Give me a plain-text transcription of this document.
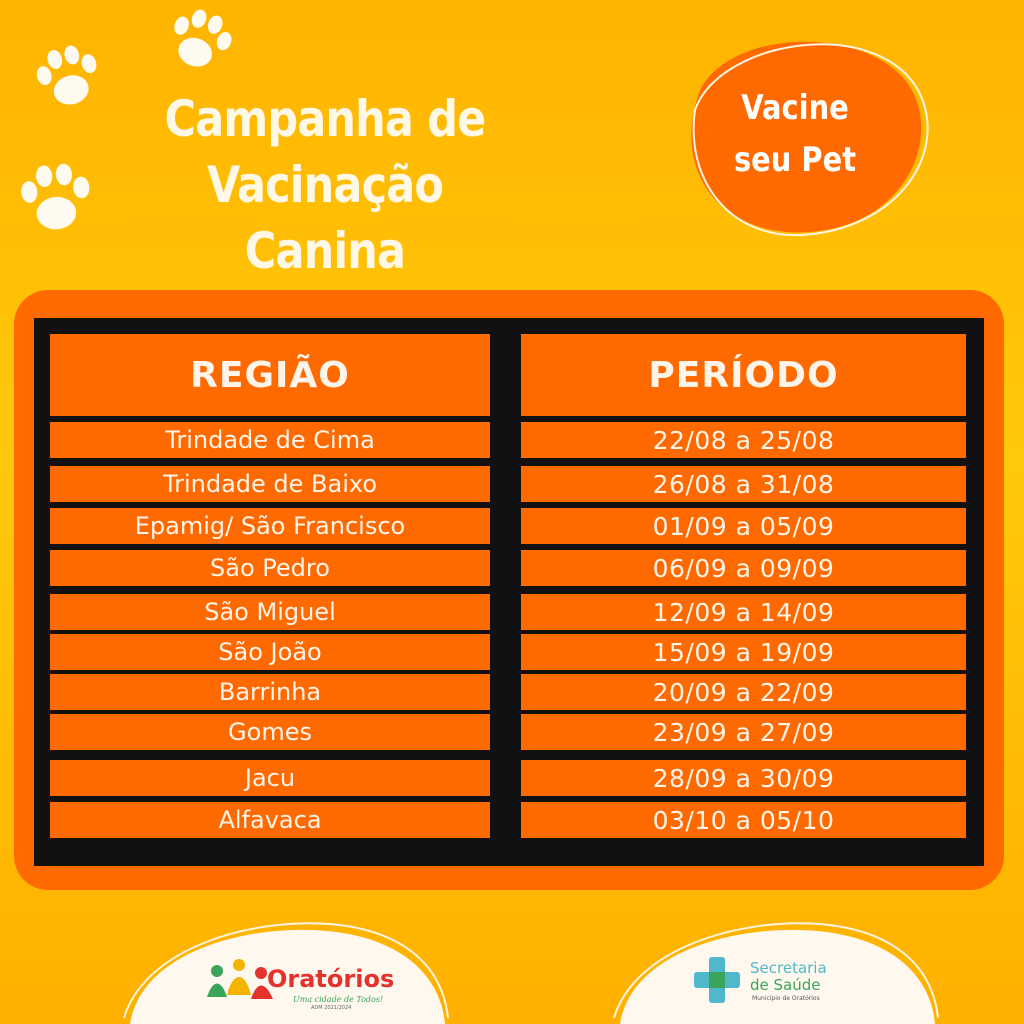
Campanha de
Vacinação Canina
Vacine
seu Pet
REGIÃO
Trindade de Cima
Trindade de Baixo
Epamig/ São Francisco
São Pedro
São Miguel
São João
Barrinha
Gomes
Jacu
Alfavaca
PERÍODO
22/08 a 25/08
26/08 a 31/08
01/09 a 05/09
06/09 a 09/09
12/09 a 14/09
15/09 a 19/09
20/09 a 22/09
23/09 a 27/09
28/09 a 30/09
03/10 a 05/10
Oratórios
Uma cidade de Todos!
ADM 2021/2024
Secretaria
de Saúde
Município de Oratórios
